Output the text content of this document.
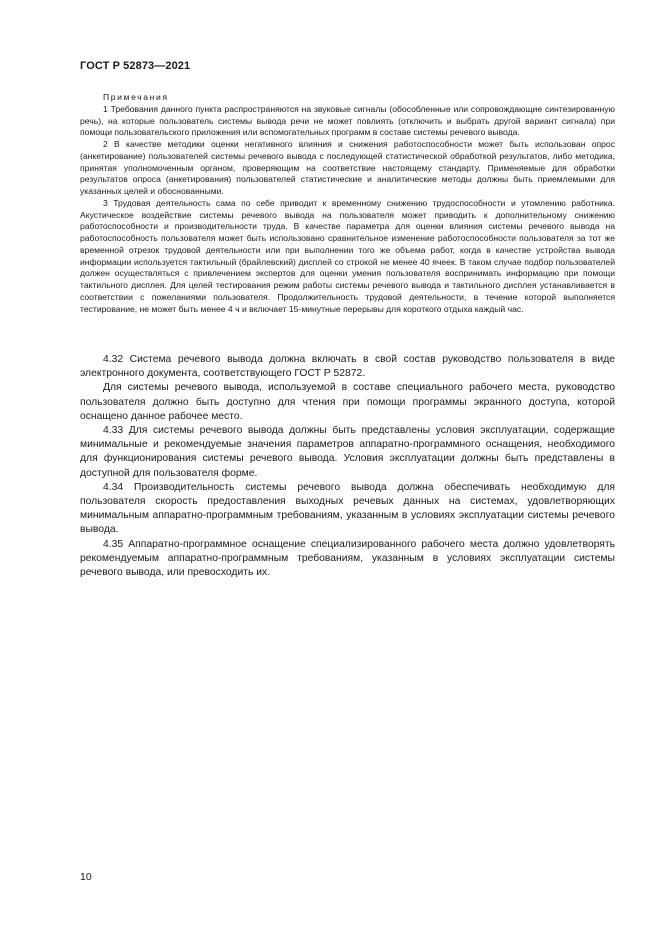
ГОСТ Р 52873—2021

Примечания

1 Требования данного пункта распространяются на звуковые сигналы (обособленные или сопровождающие синтезированную речь), на которые пользователь системы вывода речи не может повлиять (отключить и выбрать другой вариант сигнала) при помощи пользовательского приложения или вспомогательных программ в составе системы речевого вывода.

2 В качестве методики оценки негативного влияния и снижения работоспособности может быть использован опрос (анкетирование) пользователей системы речевого вывода с последующей статистической обработкой результатов, либо методика, принятая уполномоченным органом, проверяющим на соответствие настоящему стандарту. Применяемые для обработки результатов опроса (анкетирования) пользователей статистические и аналитические методы должны быть приемлемыми для указанных целей и обоснованными.

3 Трудовая деятельность сама по себе приводит к временному снижению трудоспособности и утомлению работника. Акустическое воздействие системы речевого вывода на пользователя может приводить к дополнительному снижению работоспособности и производительности труда. В качестве параметра для оценки влияния системы речевого вывода на работоспособность пользователя может быть использовано сравнительное изменение работоспособности пользователя за тот же временной отрезок трудовой деятельности или при выполнении того же объема работ, когда в качестве устройства вывода информации используется тактильный (брайлевский) дисплей со строкой не менее 40 ячеек. В таком случае подбор пользователей должен осуществляться с привлечением экспертов для оценки умения пользователя воспринимать информацию при помощи тактильного дисплея. Для целей тестирования режим работы системы речевого вывода и тактильного дисплея устанавливается в соответствии с пожеланиями пользователя. Продолжительность трудовой деятельности, в течение которой выполняется тестирование, не может быть менее 4 ч и включает 15-минутные перерывы для короткого отдыха каждый час.

4.32 Система речевого вывода должна включать в свой состав руководство пользователя в виде электронного документа, соответствующего ГОСТ Р 52872.

Для системы речевого вывода, используемой в составе специального рабочего места, руководство пользователя должно быть доступно для чтения при помощи программы экранного доступа, которой оснащено данное рабочее место.

4.33 Для системы речевого вывода должны быть представлены условия эксплуатации, содержащие минимальные и рекомендуемые значения параметров аппаратно-программного оснащения, необходимого для функционирования системы речевого вывода. Условия эксплуатации должны быть представлены в доступной для пользователя форме.

4.34 Производительность системы речевого вывода должна обеспечивать необходимую для пользователя скорость предоставления выходных речевых данных на системах, удовлетворяющих минимальным аппаратно-программным требованиям, указанным в условиях эксплуатации системы речевого вывода.

4.35 Аппаратно-программное оснащение специализированного рабочего места должно удовлетворять рекомендуемым аппаратно-программным требованиям, указанным в условиях эксплуатации системы речевого вывода, или превосходить их.

10
